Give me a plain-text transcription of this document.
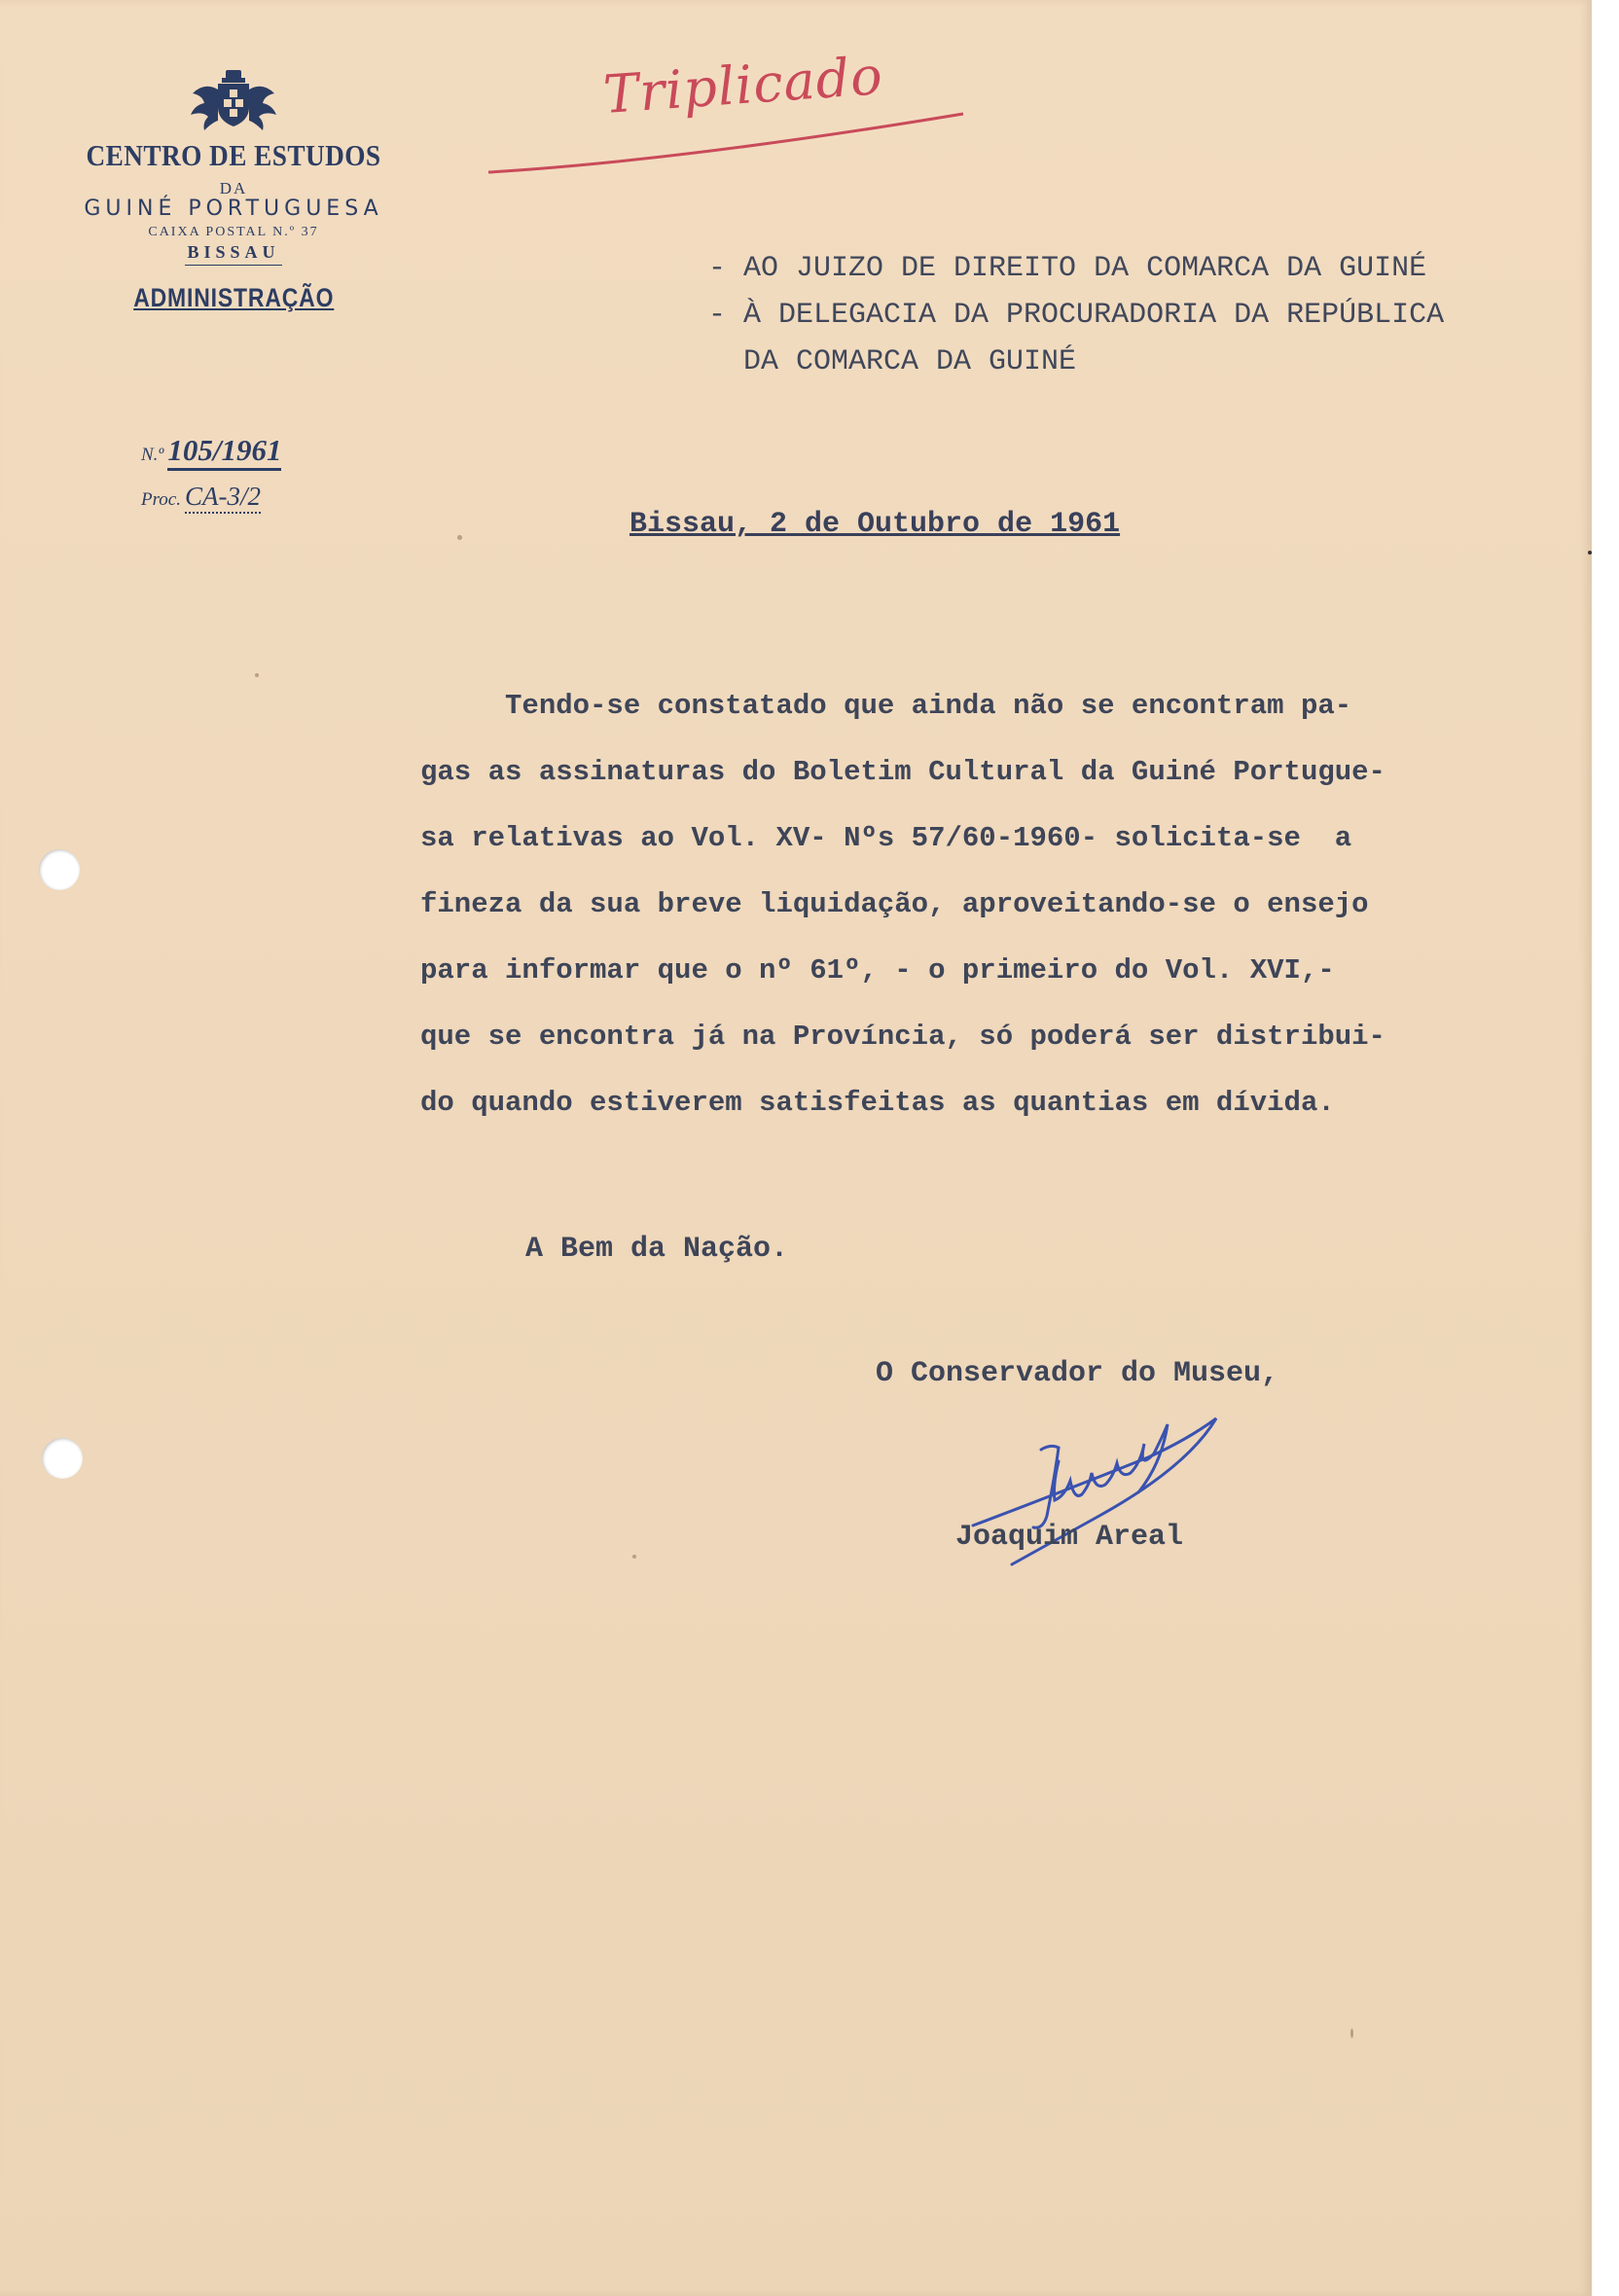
CENTRO DE ESTUDOS
DA
GUINÉ PORTUGUESA
CAIXA POSTAL N.º 37
BISSAU
ADMINISTRAÇÃO
N.º 105/1961
Proc. CA-3/2
Triplicado
- AO JUIZO DE DIREITO DA COMARCA DA GUINÉ
- À DELEGACIA DA PROCURADORIA DA REPÚBLICA
DA COMARCA DA GUINÉ
Bissau, 2 de Outubro de 1961
Tendo-se constatado que ainda não se encontram pa-
gas as assinaturas do Boletim Cultural da Guiné Portugue-
sa relativas ao Vol. XV- Nºs 57/60-1960- solicita-se  a
fineza da sua breve liquidação, aproveitando-se o ensejo
para informar que o nº 61º, - o primeiro do Vol. XVI,-
que se encontra já na Província, só poderá ser distribui-
do quando estiverem satisfeitas as quantias em dívida.
A Bem da Nação.
O Conservador do Museu,
Joaquim Areal
